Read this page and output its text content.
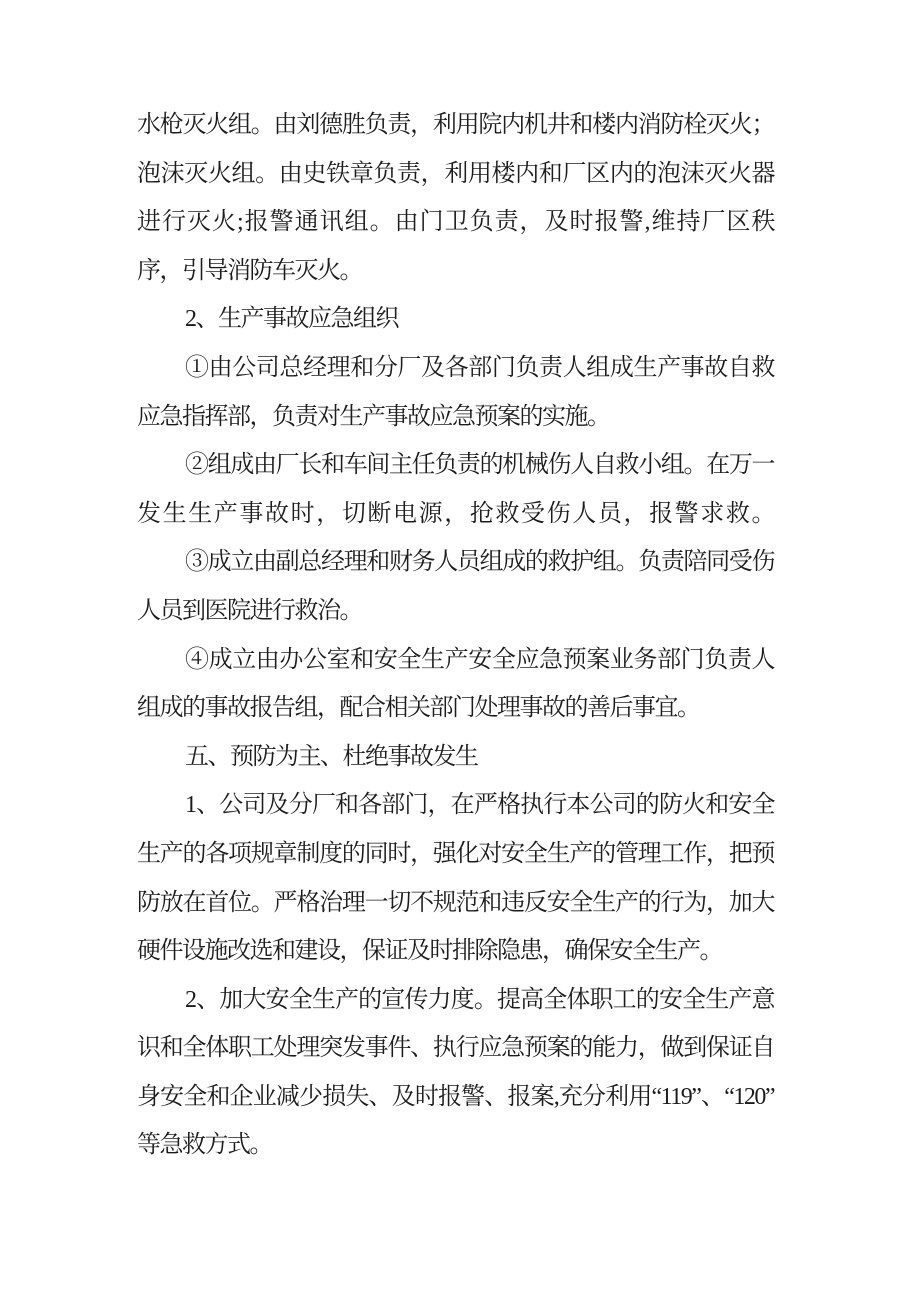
水枪灭火组。由刘德胜负责，利用院内机井和楼内消防栓灭火；
泡沫灭火组。由史铁章负责，利用楼内和厂区内的泡沫灭火器
进行灭火;报警通讯组。由门卫负责，及时报警,维持厂区秩
序，引导消防车灭火。
2、生产事故应急组织
①由公司总经理和分厂及各部门负责人组成生产事故自救
应急指挥部，负责对生产事故应急预案的实施。
②组成由厂长和车间主任负责的机械伤人自救小组。在万一
发生生产事故时，切断电源，抢救受伤人员，报警求救。
③成立由副总经理和财务人员组成的救护组。负责陪同受伤
人员到医院进行救治。
④成立由办公室和安全生产安全应急预案业务部门负责人
组成的事故报告组，配合相关部门处理事故的善后事宜。
五、预防为主、杜绝事故发生
1、公司及分厂和各部门，在严格执行本公司的防火和安全
生产的各项规章制度的同时，强化对安全生产的管理工作，把预
防放在首位。严格治理一切不规范和违反安全生产的行为，加大
硬件设施改选和建设，保证及时排除隐患，确保安全生产。
2、加大安全生产的宣传力度。提高全体职工的安全生产意
识和全体职工处理突发事件、执行应急预案的能力，做到保证自
身安全和企业减少损失、及时报警、报案,充分利用“119”、“120”
等急救方式。
